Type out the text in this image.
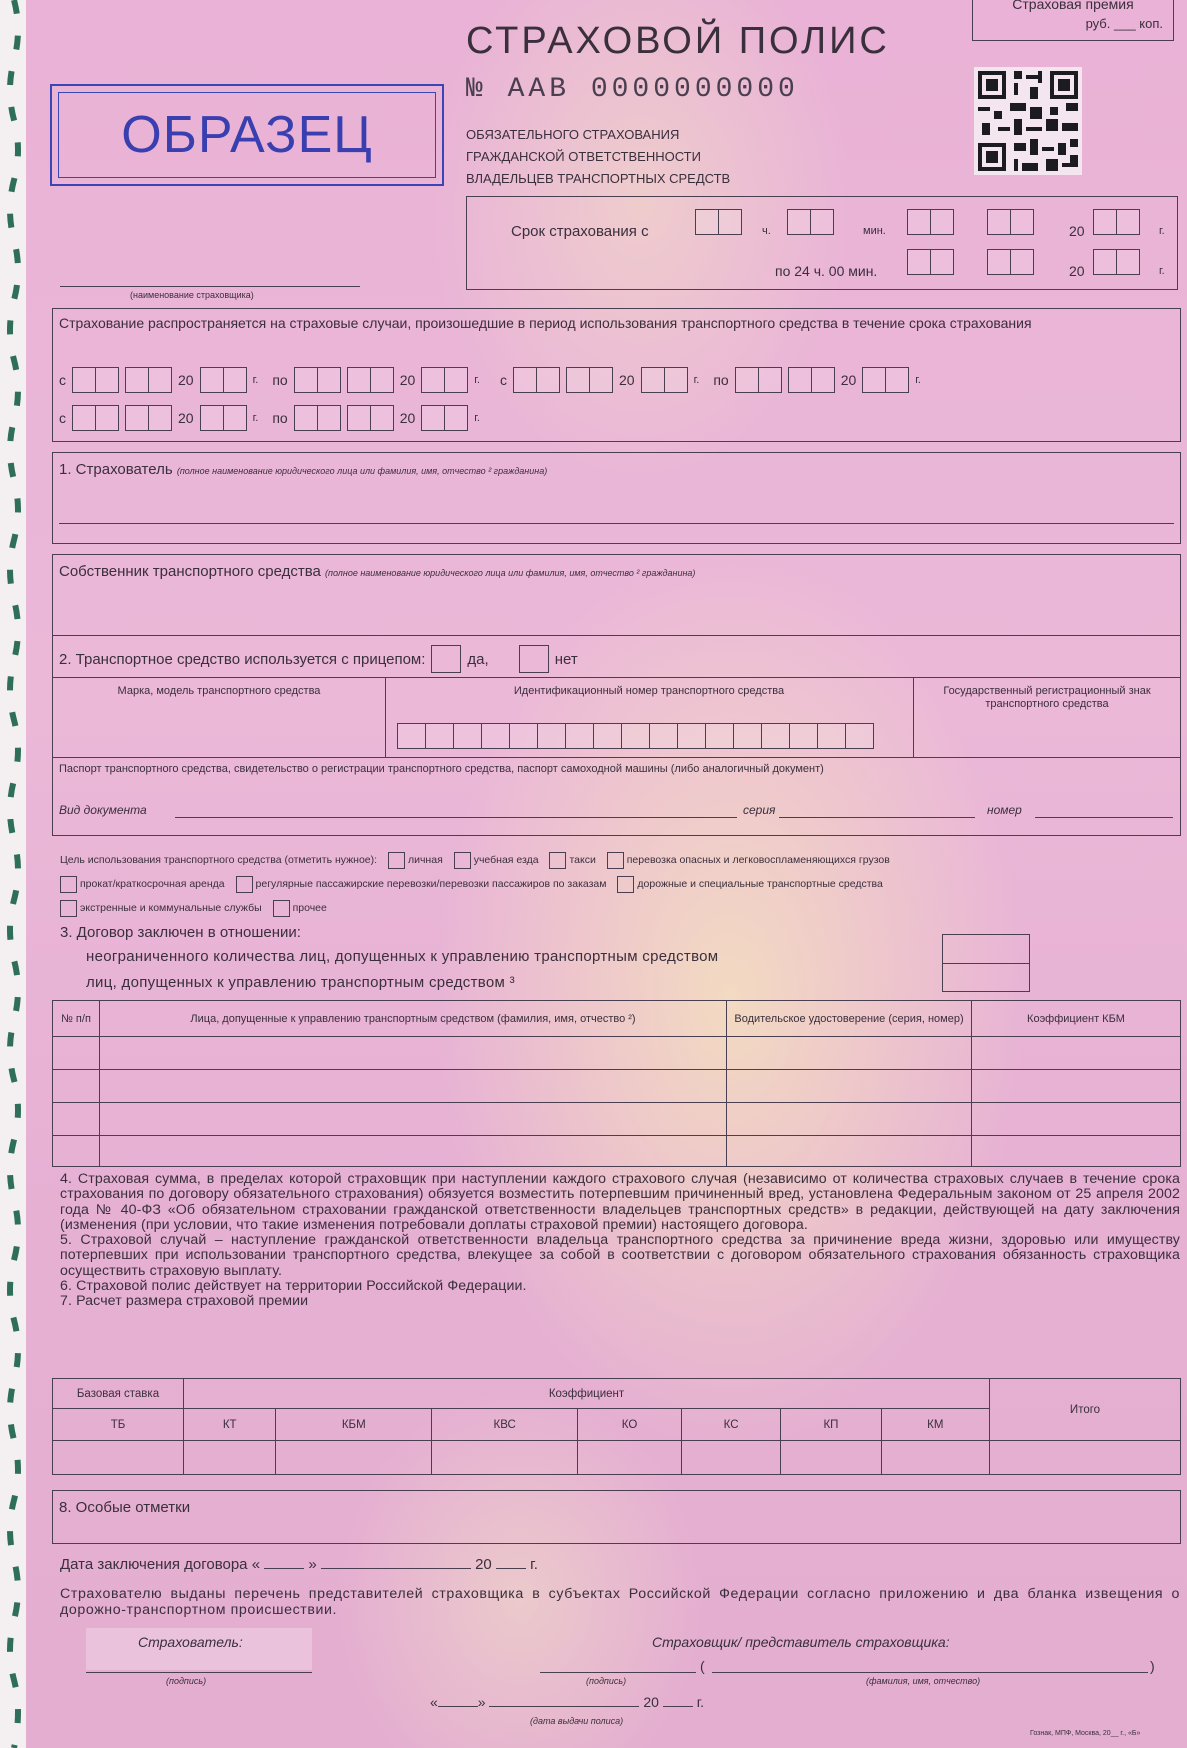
СТРАХОВОЙ ПОЛИС
№ ААВ 0000000000
ОБЯЗАТЕЛЬНОГО СТРАХОВАНИЯ
ГРАЖДАНСКОЙ ОТВЕТСТВЕННОСТИ
ВЛАДЕЛЬЦЕВ ТРАНСПОРТНЫХ СРЕДСТВ
ОБРАЗЕЦ
(наименование страховщика)
Страховая премия
руб. ___ коп.
Срок страхования с	ч.	мин.	20	г.
по 24 ч. 00 мин.	20	г.
Страхование распространяется на страховые случаи, произошедшие в период использования транспортного средства в течение срока страхования
с	20	г. по	20	г. с	20	г. по	20	г.
с	20	г. по	20	г.
1. Страхователь (полное наименование юридического лица или фамилия, имя, отчество ² гражданина)
Собственник транспортного средства (полное наименование юридического лица или фамилия, имя, отчество ² гражданина)
2. Транспортное средство используется с прицепом:	да,	нет
Марка, модель транспортного средства	Идентификационный номер транспортного средства	Государственный регистрационный знак транспортного средства
Паспорт транспортного средства, свидетельство о регистрации транспортного средства, паспорт самоходной машины (либо аналогичный документ)
Вид документа	серия	номер
Цель использования транспортного средства (отметить нужное):	личная	учебная езда	такси	перевозка опасных и легковоспламеняющихся грузов
прокат/краткосрочная аренда	регулярные пассажирские перевозки/перевозки пассажиров по заказам	дорожные и специальные транспортные средства
экстренные и коммунальные службы	прочее
3. Договор заключен в отношении:
неограниченного количества лиц, допущенных к управлению транспортным средством
лиц, допущенных к управлению транспортным средством ³
№ п/п	Лица, допущенные к управлению транспортным средством (фамилия, имя, отчество ²)	Водительское удостоверение (серия, номер)	Коэффициент КБМ

4. Страховая сумма, в пределах которой страховщик при наступлении каждого страхового случая (независимо от количества страховых случаев в течение срока страхования по договору обязательного страхования) обязуется возместить потерпевшим причиненный вред, установлена Федеральным законом от 25 апреля 2002 года № 40-ФЗ «Об обязательном страховании гражданской ответственности владельцев транспортных средств» в редакции, действующей на дату заключения (изменения (при условии, что такие изменения потребовали доплаты страховой премии) настоящего договора.
5. Страховой случай – наступление гражданской ответственности владельца транспортного средства за причинение вреда жизни, здоровью или имуществу потерпевших при использовании транспортного средства, влекущее за собой в соответствии с договором обязательного страхования обязанность страховщика осуществить страховую выплату.
6. Страховой полис действует на территории Российской Федерации.
7. Расчет размера страховой премии
Базовая ставка	Коэффициент							Итого
ТБ	КТ	КБМ	КВС	КО	КС	КП	КМ	

8. Особые отметки
Дата заключения договора «	»	20	г.
Страхователю выданы перечень представителей страховщика в субъектах Российской Федерации согласно приложению и два бланка извещения о дорожно-транспортном происшествии.
Страхователь:
(подпись)
Страховщик/ представитель страховщика:
(подпись)
(	)
(фамилия, имя, отчество)
«	»	20	г.
(дата выдачи полиса)
Гознак, МПФ, Москва, 20__ г., «Б»
